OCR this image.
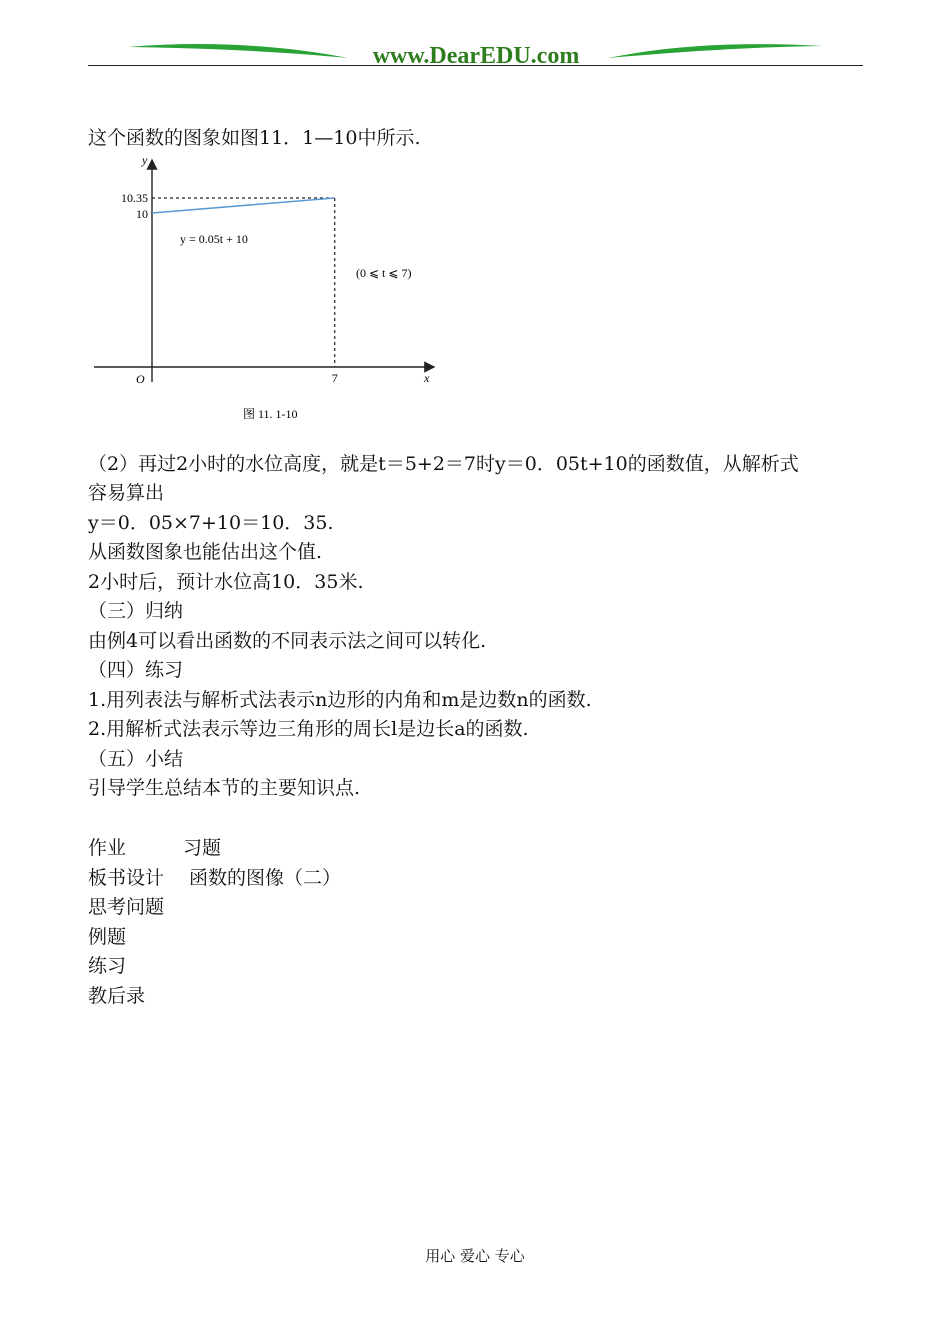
www.DearEDU.com
这个函数的图象如图11．1—10中所示.
y
x
O
10
10.35
7
y = 0.05t + 10
(0 ⩽ t ⩽ 7)
图 11. 1-10
（2）再过2小时的水位高度，就是t＝5+2＝7时y＝0．05t+10的函数值，从解析式
容易算出
y＝0．05×7+10＝10．35.
从函数图象也能估出这个值.
2小时后，预计水位高10．35米.
（三）归纳
由例4可以看出函数的不同表示法之间可以转化.
（四）练习
1.用列表法与解析式法表示n边形的内角和m是边数n的函数.
2.用解析式法表示等边三角形的周长l是边长a的函数.
（五）小结
引导学生总结本节的主要知识点.
作业　　　习题
板书设计　 函数的图像（二）
思考问题
例题
练习
教后录
用心 爱心 专心
